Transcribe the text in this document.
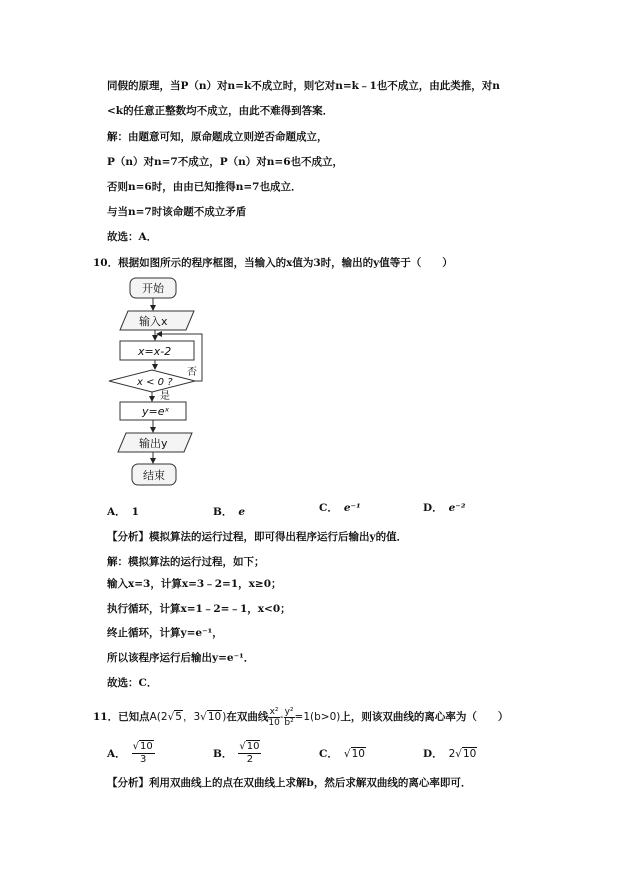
同假的原理，当P（n）对n=k不成立时，则它对n=k﹣1也不成立，由此类推，对n
<k的任意正整数均不成立，由此不难得到答案．
解：由题意可知，原命题成立则逆否命题成立，
P（n）对n=7不成立，P（n）对n=6也不成立，
否则n=6时，由由已知推得n=7也成立．
与当n=7时该命题不成立矛盾
故选：A．
10．根据如图所示的程序框图，当输入的x值为3时，输出的y值等于（　　）
开始
输入x
x=x-2
x < 0 ?
否
是
y=eˣ
输出y
结束
A． 1	B． e	C． e⁻¹	D． e⁻²
【分析】模拟算法的运行过程，即可得出程序运行后输出y的值．
解：模拟算法的运行过程，如下；
输入x=3，计算x=3﹣2=1，x≥0；
执行循环，计算x=1﹣2=﹣1，x<0；
终止循环，计算y=e⁻¹，
所以该程序运行后输出y=e⁻¹．
故选：C．
11．已知点A(2√5，3√10)在双曲线 $\frac{\text{x²}}{10} - \frac{\text{y²}}{\text{b²}} =1(b>0)$上，则该双曲线的离心率为（　　）
A． $\frac{√10}{3}$	B． $\frac{√10}{2}$	C． √10	D． 2√10
【分析】利用双曲线上的点在双曲线上求解b，然后求解双曲线的离心率即可．
